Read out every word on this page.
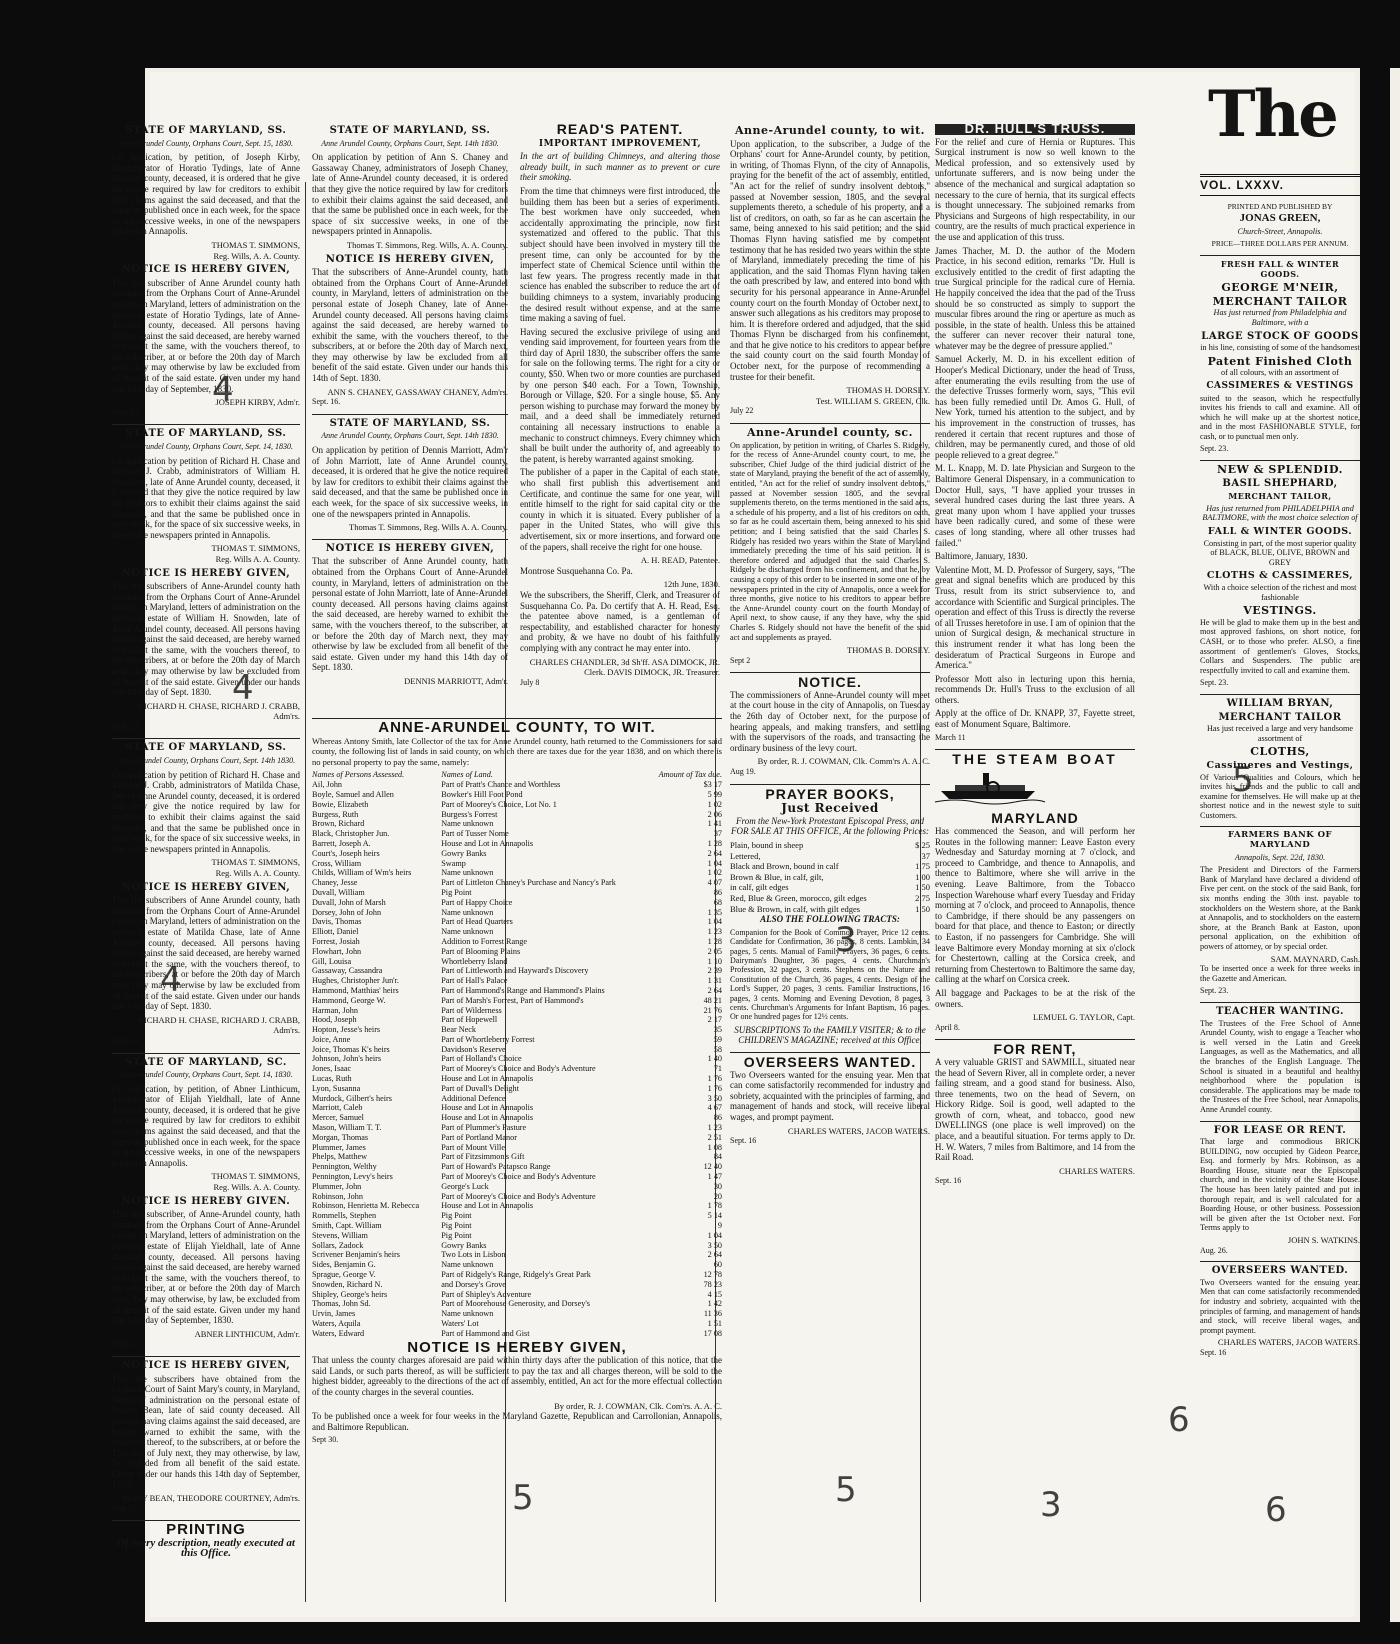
STATE OF MARYLAND, SS.
Anne-Arundel County, Orphans Court, Sept. 15, 1830.

On application, by petition, of Joseph Kirby, administrator of Horatio Tydings, late of Anne Arundel county, deceased, it is ordered that he give the notice required by law for creditors to exhibit their claims against the said deceased, and that the same be published once in each week, for the space of six successive weeks, in one of the newspapers printed in Annapolis.

THOMAS T. SIMMONS,

Reg. Wills, A. A. County.

NOTICE IS HEREBY GIVEN,

That the subscriber of Anne Arundel county hath obtained from the Orphans Court of Anne-Arundel county, in Maryland, letters of administration on the personal estate of Horatio Tydings, late of Anne-Arundel county, deceased. All persons having claims against the said deceased, are hereby warned to exhibit the same, with the vouchers thereof, to the subscriber, at or before the 20th day of March next, they may otherwise by law be excluded from all benefit of the said estate. Given under my hand this 15th day of September, 1830.

JOSEPH KIRBY, Adm'r.

Sept. 23.
STATE OF MARYLAND, SS.
Anne-Arundel County, Orphans Court, Sept. 14, 1830.

On application by petition of Richard H. Chase and Richard J. Crabb, administrators of William H. Snowden, late of Anne Arundel county, deceased, it is ordered that they give the notice required by law for creditors to exhibit their claims against the said deceased, and that the same be published once in each week, for the space of six successive weeks, in one of the newspapers printed in Annapolis.

THOMAS T. SIMMONS,

Reg. Wills A. A. County.

NOTICE IS HEREBY GIVEN,

That the subscribers of Anne-Arundel county hath obtained from the Orphans Court of Anne-Arundel county, in Maryland, letters of administration on the personal estate of William H. Snowden, late of Anne Arundel county, deceased. All persons having claims against the said deceased, are hereby warned to exhibit the same, with the vouchers thereof, to the subscribers, at or before the 20th day of March next, they may otherwise by law be excluded from all benefit of the said estate. Given under our hands this 14th day of Sept. 1830.

RICHARD H. CHASE, RICHARD J. CRABB, Adm'rs.

Sept. 23.
STATE OF MARYLAND, SS.
Anne-Arundel County, Orphans Court, Sept. 14th 1830.

On application by petition of Richard H. Chase and Richard J. Crabb, administrators of Matilda Chase, late of Anne Arundel county, deceased, it is ordered that they give the notice required by law for creditors to exhibit their claims against the said deceased, and that the same be published once in each week, for the space of six successive weeks, in one of the newspapers printed in Annapolis.

THOMAS T. SIMMONS,

Reg. Wills A. A. County.

NOTICE IS HEREBY GIVEN,

That the subscribers of Anne Arundel county, hath obtained from the Orphans Court of Anne-Arundel county, in Maryland, letters of administration on the personal estate of Matilda Chase, late of Anne Arundel county, deceased. All persons having claims against the said deceased, are hereby warned to exhibit the same, with the vouchers thereof, to the subscribers, at or before the 20th day of March next, they may otherwise by law be excluded from all benefit of the said estate. Given under our hands this 14th day of Sept. 1830.

RICHARD H. CHASE, RICHARD J. CRABB, Adm'rs.

Sept. 23.
STATE OF MARYLAND, SC.
Anne-arundel County, Orphans Court, Sept. 14, 1830.

On application, by petition, of Abner Linthicum, administrator of Elijah Yieldhall, late of Anne Arundel county, deceased, it is ordered that he give the notice required by law for creditors to exhibit their claims against the said deceased, and that the same be published once in each week, for the space of six successive weeks, in one of the newspapers printed in Annapolis.

THOMAS T. SIMMONS,

Reg. Wills. A. A. County.

NOTICE IS HEREBY GIVEN.

That the subscriber, of Anne-Arundel county, hath obtained from the Orphans Court of Anne-Arundel county, in Maryland, letters of administration on the personal estate of Elijah Yieldhall, late of Anne Arundel county, deceased. All persons having claims against the said deceased, are hereby warned to exhibit the same, with the vouchers thereof, to the subscriber, at or before the 20th day of March next, they may otherwise, by law, be excluded from all benefit of the said estate. Given under my hand this 14th day of September, 1830.

ABNER LINTHICUM, Adm'r.

Sept. 23.
NOTICE IS HEREBY GIVEN,

That the subscribers have obtained from the Orphans Court of Saint Mary's county, in Maryland, letters of administration on the personal estate of Bennet Bean, late of said county deceased. All persons having claims against the said deceased, are hereby warned to exhibit the same, with the vouchers thereof, to the subscribers, at or before the 15th day of July next, they may otherwise, by law, be excluded from all benefit of the said estate. Given under our hands this 14th day of September, 1830.

MARY BEAN, THEODORE COURTNEY, Adm'rs.

Sept 23
PRINTING

Of every description, neatly executed at this Office.

STATE OF MARYLAND, SS.
Anne Arundel County, Orphans Court, Sept. 14th 1830.

On application by petition of Ann S. Chaney and Gassaway Chaney, administrators of Joseph Chaney, late of Anne-Arundel county deceased, it is ordered that they give the notice required by law for creditors to exhibit their claims against the said deceased, and that the same be published once in each week, for the space of six successive weeks, in one of the newspapers printed in Annapolis.

Thomas T. Simmons, Reg. Wills, A. A. County.

NOTICE IS HEREBY GIVEN,

That the subscribers of Anne-Arundel county, hath obtained from the Orphans Court of Anne-Arundel county, in Maryland, letters of administration on the personal estate of Joseph Chaney, late of Anne-Arundel county deceased. All persons having claims against the said deceased, are hereby warned to exhibit the same, with the vouchers thereof, to the subscribers, at or before the 20th day of March next, they may otherwise by law be excluded from all benefit of the said estate. Given under our hands this 14th of Sept. 1830.

ANN S. CHANEY, GASSAWAY CHANEY, Adm'rs.

Sept. 16.
STATE OF MARYLAND, SS.
Anne Arundel County, Orphans Court, Sept. 14th 1830.

On application by petition of Dennis Marriott, Adm'r of John Marriott, late of Anne Arundel county, deceased, it is ordered that he give the notice required by law for creditors to exhibit their claims against the said deceased, and that the same be published once in each week, for the space of six successive weeks, in one of the newspapers printed in Annapolis.

Thomas T. Simmons, Reg. Wills A. A. County.

NOTICE IS HEREBY GIVEN,

That the subscriber of Anne Arundel county, hath obtained from the Orphans Court of Anne-Arundel county, in Maryland, letters of administration on the personal estate of John Marriott, late of Anne-Arundel county deceased. All persons having claims against the said deceased, are hereby warned to exhibit the same, with the vouchers thereof, to the subscriber, at or before the 20th day of March next, they may otherwise by law be excluded from all benefit of the said estate. Given under my hand this 14th day of Sept. 1830.

DENNIS MARRIOTT, Adm'r.

READ'S PATENT.
IMPORTANT IMPROVEMENT,

In the art of building Chimneys, and altering those already built, in such manner as to prevent or cure their smoking.

From the time that chimneys were first introduced, the building them has been but a series of experiments. The best workmen have only succeeded, when accidentally approximating the principle, now first systematized and offered to the public. That this subject should have been involved in mystery till the present time, can only be accounted for by the imperfect state of Chemical Science until within the last few years. The progress recently made in that science has enabled the subscriber to reduce the art of building chimneys to a system, invariably producing the desired result without expense, and at the same time making a saving of fuel.

Having secured the exclusive privilege of using and vending said improvement, for fourteen years from the third day of April 1830, the subscriber offers the same for sale on the following terms. The right for a city or county, $50. When two or more counties are purchased by one person $40 each. For a Town, Township, Borough or Village, $20. For a single house, $5. Any person wishing to purchase may forward the money by mail, and a deed shall be immediately returned containing all necessary instructions to enable a mechanic to construct chimneys. Every chimney which shall be built under the authority of, and agreeably to the patent, is hereby warranted against smoking.

The publisher of a paper in the Capital of each state, who shall first publish this advertisement and Certificate, and continue the same for one year, will entitle himself to the right for said capital city or the county in which it is situated. Every publisher of a paper in the United States, who will give this advertisement, six or more insertions, and forward one of the papers, shall receive the right for one house.

A. H. READ, Patentee.

Montrose Susquehanna Co. Pa.

12th June, 1830.

We the subscribers, the Sheriff, Clerk, and Treasurer of Susquehanna Co. Pa. Do certify that A. H. Read, Esq. the patentee above named, is a gentleman of respectability, and established character for honesty and probity, & we have no doubt of his faithfully complying with any contract he may enter into.

CHARLES CHANDLER, 3d Sh'ff. ASA DIMOCK, JR. Clerk. DAVIS DIMOCK, JR. Treasurer.

July 8
ANNE-ARUNDEL COUNTY, TO WIT.

Whereas Antony Smith, late Collector of the tax for Anne Arundel county, hath returned to the Commissioners for said county, the following list of lands in said county, on which there are taxes due for the year 1838, and on which there is no personal property to pay the same, namely:

Names of Persons Assessed.	Names of Land.	Amount of Tax due.
Ail, John	Part of Pratt's Chance and Worthless	$3 17
Boyle, Samuel and Allen	Bowker's Hill Foot Pond	5 99
Bowie, Elizabeth	Part of Moorey's Choice, Lot No. 1	1 02
Burgess, Ruth	Burgess's Forrest	2 06
Brown, Richard	Name unknown	1 41
Black, Christopher Jun.	Part of Tusser Nome	37
Barrett, Joseph A.	House and Lot in Annapolis	1 28
Court's, Joseph heirs	Gowry Banks	2 64
Cross, William	Swamp	1 04
Childs, William of Wm's heirs	Name unknown	1 02
Chaney, Jesse	Part of Littleton Chaney's Purchase and Nancy's Park	4 07
Duvall, William	Pig Point	86
Duvall, John of Marsh	Part of Happy Choice	68
Dorsey, John of John	Name unknown	1 35
Davis, Thomas	Part of Head Quarters	1 04
Elliott, Daniel	Name unknown	1 23
Forrest, Josiah	Addition to Forrest Range	1 28
Flowhart, John	Part of Blooming Plains	2 05
Gill, Louisa	Whortleberry Island	1 10
Gassaway, Cassandra	Part of Littleworth and Hayward's Discovery	2 39
Hughes, Christopher Jun'r.	Part of Hall's Palace	1 31
Hammond, Matthias' heirs	Part of Hammond's Range and Hammond's Plains	2 64
Hammond, George W.	Part of Marsh's Forrest, Part of Hammond's	48 21
Harman, John	Part of Wilderness	21 76
Hood, Joseph	Part of Hopewell	2 17
Hopton, Jesse's heirs	Bear Neck	35
Joice, Anne	Part of Whortleberry Forrest	59
Joice, Thomas K's heirs	Davidson's Reserve	58
Johnson, John's heirs	Part of Holland's Choice	1 40
Jones, Isaac	Part of Moorey's Choice and Body's Adventure	71
Lucas, Ruth	House and Lot in Annapolis	1 76
Lyon, Susanna	Part of Duvall's Delight	1 76
Murdock, Gilbert's heirs	Additional Defence	3 50
Marriott, Caleb	House and Lot in Annapolis	4 67
Mercer, Samuel	House and Lot in Annapolis	86
Mason, William T. T.	Part of Plummer's Pasture	1 23
Morgan, Thomas	Part of Portland Manor	2 51
Plummer, James	Part of Mount Ville	1 08
Phelps, Matthew	Part of Fitzsimmon's Gift	84
Pennington, Welthy	Part of Howard's Patapsco Range	12 40
Pennington, Levy's heirs	Part of Moorey's Choice and Body's Adventure	1 47
Plummer, John	George's Luck	30
Robinson, John	Part of Moorey's Choice and Body's Adventure	20
Robinson, Henrietta M. Rebecca	House and Lot in Annapolis	1 78
Rommells, Stephen	Pig Point	5 14
Smith, Capt. William	Pig Point	9
Stevens, William	Pig Point	1 04
Sollars, Zadock	Gowry Banks	3 50
Scrivener Benjamin's heirs	Two Lots in Lisbon	2 64
Sides, Benjamin G.	Name unknown	60
Sprague, George V.	Part of Ridgely's Range, Ridgely's Great Park	12 78
Snowden, Richard N.	and Dorsey's Grove	78 23
Shipley, George's heirs	Part of Shipley's Adventure	4 15
Thomas, John Sd.	Part of Moorehouse Generosity, and Dorsey's	1 42
Urvin, James	Name unknown	11 36
Waters, Aquila	Waters' Lot	1 51
Waters, Edward	Part of Hammond and Gist	17 08
NOTICE IS HEREBY GIVEN,

That unless the county charges aforesaid are paid within thirty days after the publication of this notice, that the said Lands, or such parts thereof, as will be sufficient to pay the tax and all charges thereon, will be sold to the highest bidder, agreeably to the directions of the act of assembly, entitled, An act for the more effectual collection of the county charges in the several counties.

By order, R. J. COWMAN, Clk. Com'rs. A. A. C.

To be published once a week for four weeks in the Maryland Gazette, Republican and Carrollonian, Annapolis, and Baltimore Republican.

Sept 30.
Anne-Arundel county, to wit.

Upon application, to the subscriber, a Judge of the Orphans' court for Anne-Arundel county, by petition, in writing, of Thomas Flynn, of the city of Annapolis, praying for the benefit of the act of assembly, entitled, "An act for the relief of sundry insolvent debtors," passed at November session, 1805, and the several supplements thereto, a schedule of his property, and a list of creditors, on oath, so far as he can ascertain the same, being annexed to his said petition; and the said Thomas Flynn having satisfied me by competent testimony that he has resided two years within the state of Maryland, immediately preceding the time of his application, and the said Thomas Flynn having taken the oath prescribed by law, and entered into bond with security for his personal appearance in Anne-Arundel county court on the fourth Monday of October next, to answer such allegations as his creditors may propose to him. It is therefore ordered and adjudged, that the said Thomas Flynn be discharged from his confinement, and that he give notice to his creditors to appear before the said county court on the said fourth Monday of October next, for the purpose of recommending a trustee for their benefit.

THOMAS H. DORSEY.

Test. WILLIAM S. GREEN, Clk.

July 22
Anne-Arundel county, sc.

On application, by petition in writing, of Charles S. Ridgely, for the recess of Anne-Arundel county court, to me, the subscriber, Chief Judge of the third judicial district of the state of Maryland, praying the benefit of the act of assembly, entitled, "An act for the relief of sundry insolvent debtors," passed at November session 1805, and the several supplements thereto, on the terms mentioned in the said acts, a schedule of his property, and a list of his creditors on oath, so far as he could ascertain them, being annexed to his said petition; and I being satisfied that the said Charles S. Ridgely has resided two years within the State of Maryland immediately preceding the time of his said petition. It is therefore ordered and adjudged that the said Charles S. Ridgely be discharged from his confinement, and that he, by causing a copy of this order to be inserted in some one of the newspapers printed in the city of Annapolis, once a week for three months, give notice to his creditors to appear before the Anne-Arundel county court on the fourth Monday of April next, to show cause, if any they have, why the said Charles S. Ridgely should not have the benefit of the said act and supplements as prayed.

THOMAS B. DORSEY.

Sept 2
NOTICE.

The commissioners of Anne-Arundel county will meet at the court house in the city of Annapolis, on Tuesday the 26th day of October next, for the purpose of hearing appeals, and making transfers, and settling with the supervisors of the roads, and transacting the ordinary business of the levy court.

By order, R. J. COWMAN, Clk. Comm'rs A. A. C.

Aug 19.
PRAYER BOOKS,
Just Received

From the New-York Protestant Episcopal Press, and FOR SALE AT THIS OFFICE, At the following Prices:

Plain, bound in sheep	$ 25
Lettered,	37
Black and Brown, bound in calf	1 75
Brown & Blue, in calf, gilt,	1 00
in calf, gilt edges	1 50
Red, Blue & Green, morocco, gilt edges	2 75
Blue & Brown, in calf, with gilt edges	1 50

ALSO THE FOLLOWING TRACTS:

Companion for the Book of Common Prayer, Price 12 cents. Candidate for Confirmation, 36 pages, 8 cents. Lambkin, 34 pages, 5 cents. Manual of Family Prayers, 36 pages, 6 cents. Dairyman's Daughter, 36 pages, 4 cents. Churchman's Profession, 32 pages, 3 cents. Stephens on the Nature and Constitution of the Church, 36 pages, 4 cents. Design of the Lord's Supper, 20 pages, 3 cents. Familiar Instructions, 16 pages, 3 cents. Morning and Evening Devotion, 8 pages, 3 cents. Churchman's Arguments for Infant Baptism, 16 pages. Or one hundred pages for 12½ cents.

SUBSCRIPTIONS To the FAMILY VISITER; & to the CHILDREN'S MAGAZINE; received at this Office.

OVERSEERS WANTED.

Two Overseers wanted for the ensuing year. Men that can come satisfactorily recommended for industry and sobriety, acquainted with the principles of farming, and management of hands and stock, will receive liberal wages, and prompt payment.

CHARLES WATERS, JACOB WATERS.

Sept. 16
DR. HULL'S TRUSS.

For the relief and cure of Hernia or Ruptures. This Surgical instrument is now so well known to the Medical profession, and so extensively used by unfortunate sufferers, and is now being under the absence of the mechanical and surgical adaptation so necessary to the cure of hernia, that its surgical effects is thought unnecessary. The subjoined remarks from Physicians and Surgeons of high respectability, in our country, are the results of much practical experience in the use and application of this truss.

James Thacher, M. D. the author of the Modern Practice, in his second edition, remarks "Dr. Hull is exclusively entitled to the credit of first adapting the true Surgical principle for the radical cure of Hernia. He happily conceived the idea that the pad of the Truss should be so constructed as simply to support the muscular fibres around the ring or aperture as much as possible, in the state of health. Unless this be attained the sufferer can never recover their natural tone, whatever may be the degree of pressure applied."

Samuel Ackerly, M. D. in his excellent edition of Hooper's Medical Dictionary, under the head of Truss, after enumerating the evils resulting from the use of the defective Trusses formerly worn, says, "This evil has been fully remedied until Dr. Amos G. Hull, of New York, turned his attention to the subject, and by his improvement in the construction of trusses, has rendered it certain that recent ruptures and those of children, may be permanently cured, and those of old people relieved to a great degree."

M. L. Knapp, M. D. late Physician and Surgeon to the Baltimore General Dispensary, in a communication to Doctor Hull, says, "I have applied your trusses in several hundred cases during the last three years. A great many upon whom I have applied your trusses have been radically cured, and some of these were cases of long standing, where all other trusses had failed."

Baltimore, January, 1830.

Valentine Mott, M. D. Professor of Surgery, says, "The great and signal benefits which are produced by this Truss, result from its strict subservience to, and accordance with Scientific and Surgical principles. The operation and effect of this Truss is directly the reverse of all Trusses heretofore in use. I am of opinion that the union of Surgical design, & mechanical structure in this instrument render it what has long been the desideratum of Practical Surgeons in Europe and America."

Professor Mott also in lecturing upon this hernia, recommends Dr. Hull's Truss to the exclusion of all others.

Apply at the office of Dr. KNAPP, 37, Fayette street, east of Monument Square, Baltimore.

March 11
THE STEAM BOAT
MARYLAND

Has commenced the Season, and will perform her Routes in the following manner: Leave Easton every Wednesday and Saturday morning at 7 o'clock, and proceed to Cambridge, and thence to Annapolis, and thence to Baltimore, where she will arrive in the evening. Leave Baltimore, from the Tobacco Inspection Warehouse wharf every Tuesday and Friday morning at 7 o'clock, and proceed to Annapolis, thence to Cambridge, if there should be any passengers on board for that place, and thence to Easton; or directly to Easton, if no passengers for Cambridge. She will leave Baltimore every Monday morning at six o'clock for Chestertown, calling at the Corsica creek, and returning from Chestertown to Baltimore the same day, calling at the wharf on Corsica creek.

All baggage and Packages to be at the risk of the owners.

LEMUEL G. TAYLOR, Capt.

April 8.
FOR RENT,

A very valuable GRIST and SAWMILL, situated near the head of Severn River, all in complete order, a never failing stream, and a good stand for business. Also, three tenements, two on the head of Severn, on Hickory Ridge. Soil is good, well adapted to the growth of corn, wheat, and tobacco, good new DWELLINGS (one place is well improved) on the place, and a beautiful situation. For terms apply to Dr. H. W. Waters, 7 miles from Baltimore, and 14 from the Rail Road.

CHARLES WATERS.

Sept. 16
The
VOL. LXXXV.

PRINTED AND PUBLISHED BY

JONAS GREEN,

Church-Street, Annapolis.

PRICE—THREE DOLLARS PER ANNUM.

FRESH FALL & WINTER GOODS.
GEORGE M'NEIR,
MERCHANT TAILOR

Has just returned from Philadelphia and Baltimore, with a

LARGE STOCK OF GOODS

in his line, consisting of some of the handsomest

Patent Finished Cloth

of all colours, with an assortment of

CASSIMERES & VESTINGS

suited to the season, which he respectfully invites his friends to call and examine. All of which he will make up at the shortest notice, and in the most FASHIONABLE STYLE, for cash, or to punctual men only.

Sept. 23.
NEW & SPLENDID.
BASIL SHEPHARD,
MERCHANT TAILOR,

Has just returned from PHILADELPHIA and BALTIMORE, with the most choice selection of

FALL & WINTER GOODS.

Consisting in part, of the most superior quality of BLACK, BLUE, OLIVE, BROWN and GREY

CLOTHS & CASSIMERES,

With a choice selection of the richest and most fashionable

VESTINGS.

He will be glad to make them up in the best and most approved fashions, on short notice, for CASH, or to those who prefer. ALSO, a fine assortment of gentlemen's Gloves, Stocks, Collars and Suspenders. The public are respectfully invited to call and examine them.

Sept. 23.
WILLIAM BRYAN,
MERCHANT TAILOR

Has just received a large and very handsome assortment of

CLOTHS,
Cassimeres and Vestings,

Of Various Qualities and Colours, which he invites his friends and the public to call and examine for themselves. He will make up at the shortest notice and in the newest style to suit Customers.

FARMERS BANK OF MARYLAND

Annapolis, Sept. 22d, 1830.

The President and Directors of the Farmers Bank of Maryland have declared a dividend of Five per cent. on the stock of the said Bank, for six months ending the 30th inst. payable to stockholders on the Western shore, at the Bank at Annapolis, and to stockholders on the eastern shore, at the Branch Bank at Easton, upon personal application, on the exhibition of powers of attorney, or by special order.

SAM. MAYNARD, Cash.

To be inserted once a week for three weeks in the Gazette and American.

Sept. 23.
TEACHER WANTING.

The Trustees of the Free School of Anne Arundel County, wish to engage a Teacher who is well versed in the Latin and Greek Languages, as well as the Mathematics, and all the branches of the English Language. The School is situated in a beautiful and healthy neighborhood where the population is considerable. The applications may be made to the Trustees of the Free School, near Annapolis, Anne Arundel county.

FOR LEASE OR RENT.

That large and commodious BRICK BUILDING, now occupied by Gideon Pearce, Esq. and formerly by Mrs. Robinson, as a Boarding House, situate near the Episcopal church, and in the vicinity of the State House. The house has been lately painted and put in thorough repair, and is well calculated for a Boarding House, or other business. Possession will be given after the 1st October next. For Terms apply to

JOHN S. WATKINS.

Aug. 26.
OVERSEERS WANTED.

Two Overseers wanted for the ensuing year. Men that can come satisfactorily recommended for industry and sobriety, acquainted with the principles of farming, and management of hands and stock, will receive liberal wages, and prompt payment.

CHARLES WATERS, JACOB WATERS.

Sept. 16
4
4
4
5
3
5
6
6
3
5
